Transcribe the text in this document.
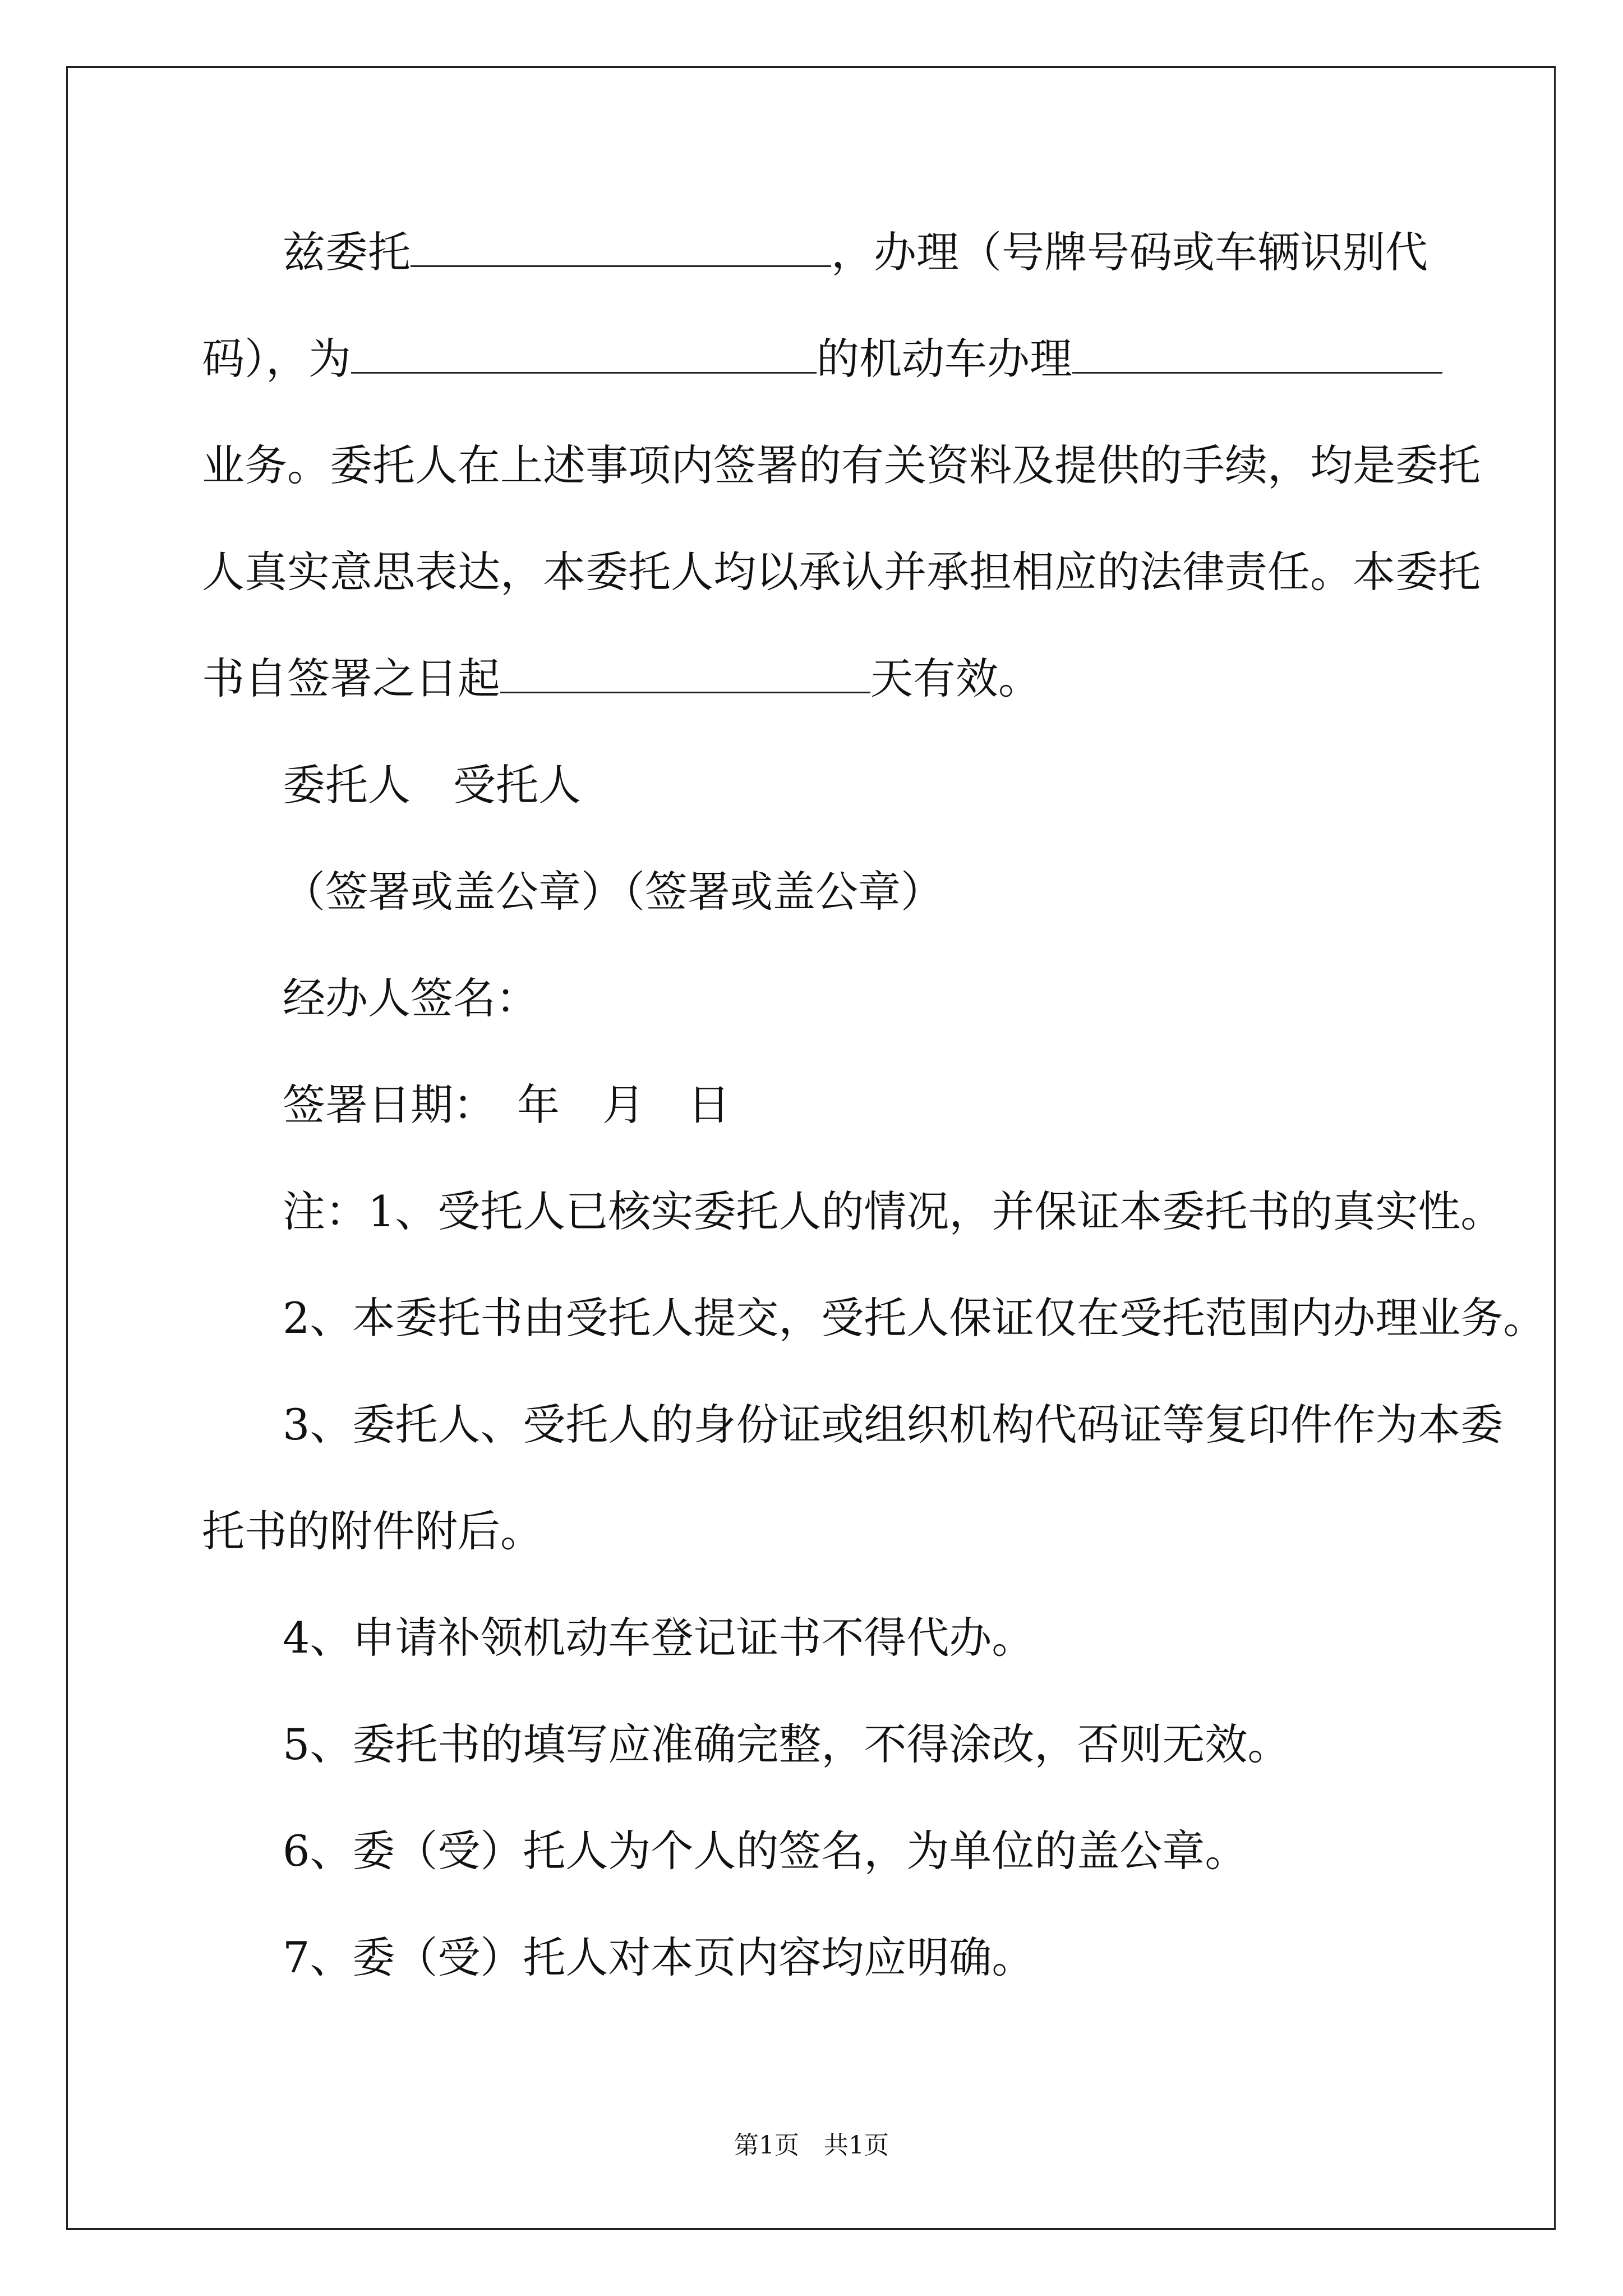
兹委托	，办理（号牌号码或车辆识别代
码），为	的机动车办理
业务。委托人在上述事项内签署的有关资料及提供的手续，均是委托
人真实意思表达，本委托人均以承认并承担相应的法律责任。本委托
书自签署之日起	天有效。
委托人　受托人
（签署或盖公章）（签署或盖公章）
经办人签名：
签署日期：　年　月　日
注：1、受托人已核实委托人的情况，并保证本委托书的真实性。
2、本委托书由受托人提交，受托人保证仅在受托范围内办理业务。
3、委托人、受托人的身份证或组织机构代码证等复印件作为本委
托书的附件附后。
4、申请补领机动车登记证书不得代办。
5、委托书的填写应准确完整，不得涂改，否则无效。
6、委（受）托人为个人的签名，为单位的盖公章。
7、委（受）托人对本页内容均应明确。
第1页　共1页
